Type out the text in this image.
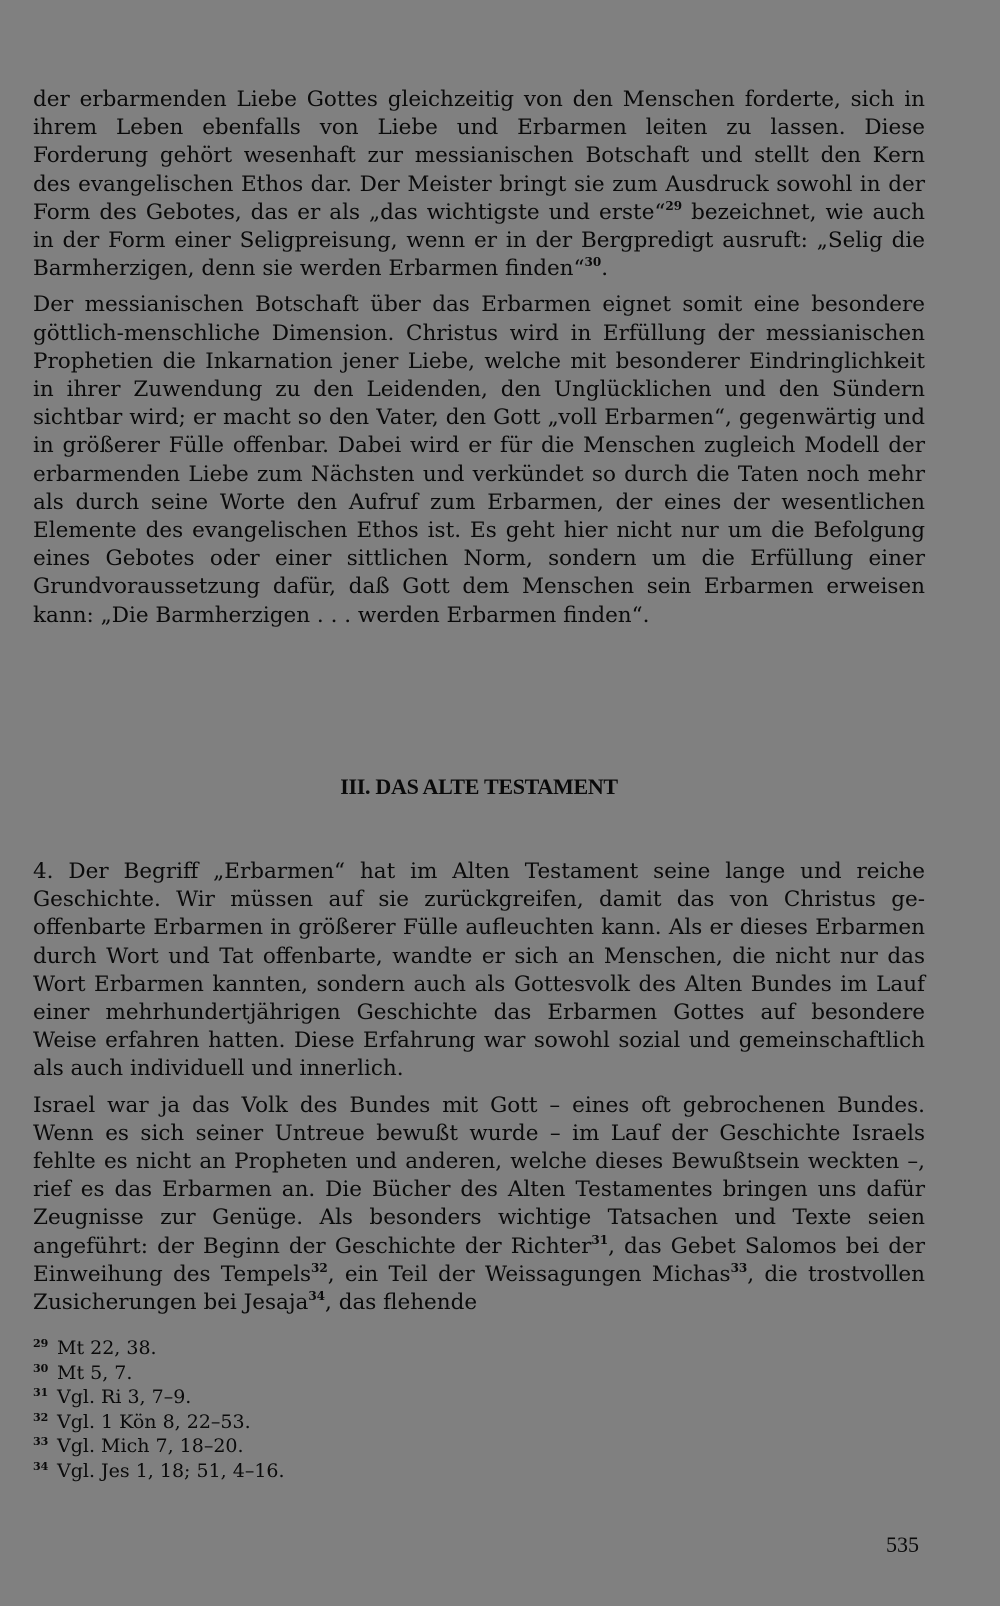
der erbarmenden Liebe Gottes gleichzeitig von den Menschen forderte, sich in ihrem Leben ebenfalls von Liebe und Erbarmen leiten zu lassen. Diese Forderung gehört wesenhaft zur messianischen Botschaft und stellt den Kern des evangelischen Ethos dar. Der Meister bringt sie zum Ausdruck sowohl in der Form des Gebotes, das er als „das wichtigste und erste“$^{29}$ bezeichnet, wie auch in der Form einer Seligpreisung, wenn er in der Bergpredigt ausruft: „Selig die Barmherzigen, denn sie werden Erbarmen finden“$^{30}$.

Der messianischen Botschaft über das Erbarmen eignet somit eine besondere göttlich-menschliche Dimension. Christus wird in Erfüllung der messianischen Prophetien die Inkarnation jener Liebe, welche mit besonderer Eindringlichkeit in ihrer Zuwendung zu den Leidenden, den Unglücklichen und den Sündern sichtbar wird; er macht so den Vater, den Gott „voll Erbarmen“, gegenwärtig und in größerer Fülle offenbar. Dabei wird er für die Menschen zugleich Modell der erbarmenden Liebe zum Nächsten und verkündet so durch die Taten noch mehr als durch seine Worte den Aufruf zum Erbarmen, der eines der wesentlichen Elemente des evangelischen Ethos ist. Es geht hier nicht nur um die Befolgung eines Gebotes oder einer sittlichen Norm, sondern um die Erfüllung einer Grundvoraussetzung dafür, daß Gott dem Menschen sein Erbarmen erweisen kann: „Die Barmherzigen . . . werden Erbarmen finden“.

III. DAS ALTE TESTAMENT

4. Der Begriff „Erbarmen“ hat im Alten Testament seine lange und reiche Geschichte. Wir müssen auf sie zurückgreifen, damit das von Christus geoffenbarte Erbarmen in größerer Fülle aufleuchten kann. Als er dieses Erbarmen durch Wort und Tat offenbarte, wandte er sich an Menschen, die nicht nur das Wort Erbarmen kannten, sondern auch als Gottesvolk des Alten Bundes im Lauf einer mehrhundertjährigen Geschichte das Erbarmen Gottes auf besondere Weise erfahren hatten. Diese Erfahrung war sowohl sozial und gemeinschaftlich als auch individuell und innerlich.

Israel war ja das Volk des Bundes mit Gott – eines oft gebrochenen Bundes. Wenn es sich seiner Untreue bewußt wurde – im Lauf der Geschichte Israels fehlte es nicht an Propheten und anderen, welche dieses Bewußtsein weckten –, rief es das Erbarmen an. Die Bücher des Alten Testamentes bringen uns dafür Zeugnisse zur Genüge. Als besonders wichtige Tatsachen und Texte seien angeführt: der Beginn der Geschichte der Richter$^{31}$, das Gebet Salomos bei der Einweihung des Tempels$^{32}$, ein Teil der Weissagungen Michas$^{33}$, die trostvollen Zusicherungen bei Jesaja$^{34}$, das flehende

29 Mt 22, 38.

30 Mt 5, 7.

31 Vgl. Ri 3, 7–9.

32 Vgl. 1 Kön 8, 22–53.

33 Vgl. Mich 7, 18–20.

34 Vgl. Jes 1, 18; 51, 4–16.

535
